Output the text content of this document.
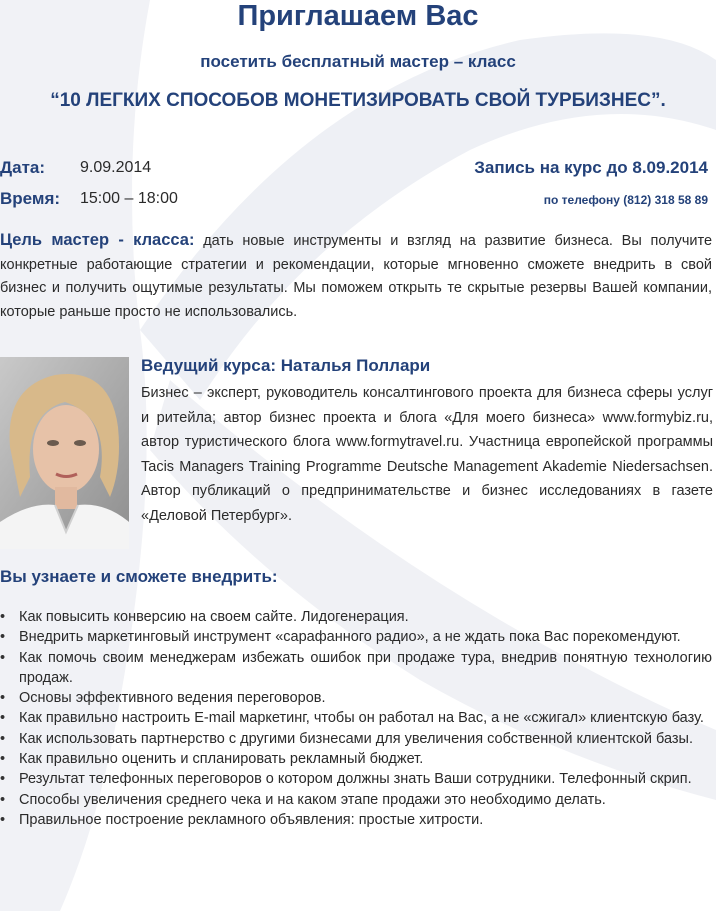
Приглашаем Вас
посетить бесплатный мастер – класс
“10 ЛЕГКИХ СПОСОБОВ МОНЕТИЗИРОВАТЬ СВОЙ ТУРБИЗНЕС”.
Дата: 9.09.2014
Время: 15:00 – 18:00
Запись на курс до 8.09.2014
по телефону (812) 318 58 89
Цель мастер - класса: дать новые инструменты и взгляд на развитие бизнеса. Вы получите конкретные работающие стратегии и рекомендации, которые мгновенно сможете внедрить в свой бизнес и получить ощутимые результаты. Мы поможем открыть те скрытые резервы Вашей компании, которые раньше просто не использовались.
Ведущий курса: Наталья Поллари
Бизнес – эксперт, руководитель консалтингового проекта для бизнеса сферы услуг и ритейла; автор бизнес проекта и блога «Для моего бизнеса» www.formybiz.ru, автор туристического блога www.formytravel.ru. Участница европейской программы Tacis Managers Training Programme Deutsche Management Akademie Niedersachsen. Автор публикаций о предпринимательстве и бизнес исследованиях в газете «Деловой Петербург».
Вы узнаете и сможете внедрить:
• Как повысить конверсию на своем сайте. Лидогенерация.
• Внедрить маркетинговый инструмент «сарафанного радио», а не ждать пока Вас порекомендуют.
• Как помочь своим менеджерам избежать ошибок при продаже тура, внедрив понятную технологию продаж.
• Основы эффективного ведения переговоров.
• Как правильно настроить E-mail маркетинг, чтобы он работал на Вас, а не «сжигал» клиентскую базу.
• Как использовать партнерство с другими бизнесами для увеличения собственной клиентской базы.
• Как правильно оценить и спланировать рекламный бюджет.
• Результат телефонных переговоров о котором должны знать Ваши сотрудники. Телефонный скрип.
• Способы увеличения среднего чека и на каком этапе продажи это необходимо делать.
• Правильное построение рекламного объявления: простые хитрости.
